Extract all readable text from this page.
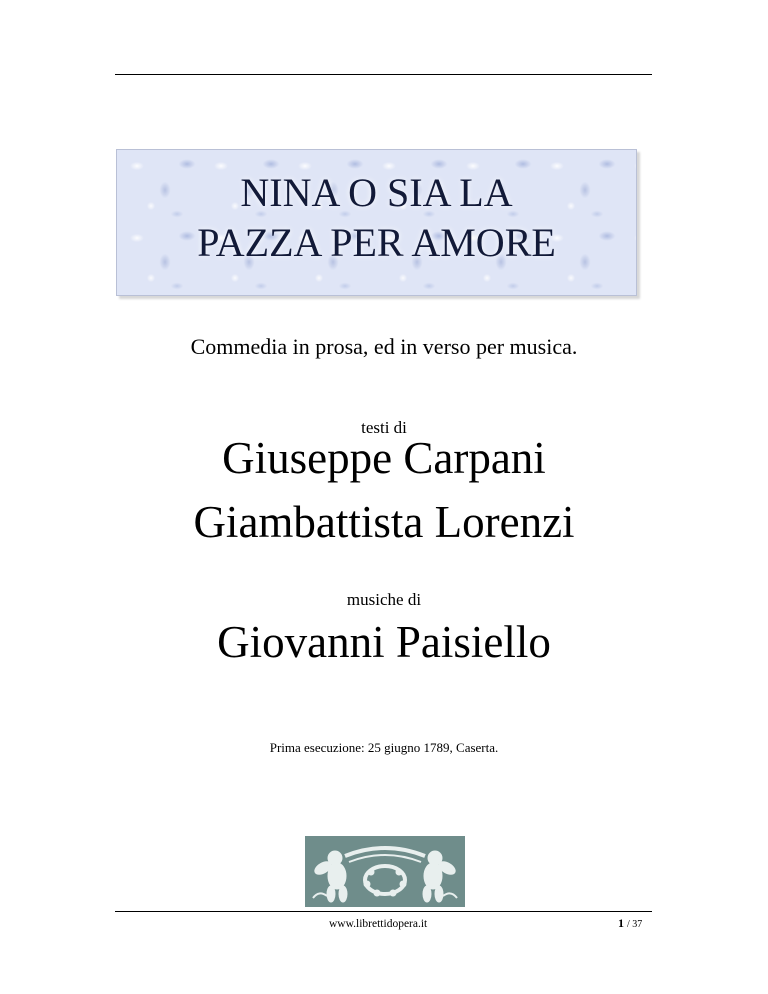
NINA O SIA LA
PAZZA PER AMORE
Commedia in prosa, ed in verso per musica.
testi di
Giuseppe Carpani
Giambattista Lorenzi
musiche di
Giovanni Paisiello
Prima esecuzione: 25 giugno 1789, Caserta.
www.librettidopera.it	1 / 37
